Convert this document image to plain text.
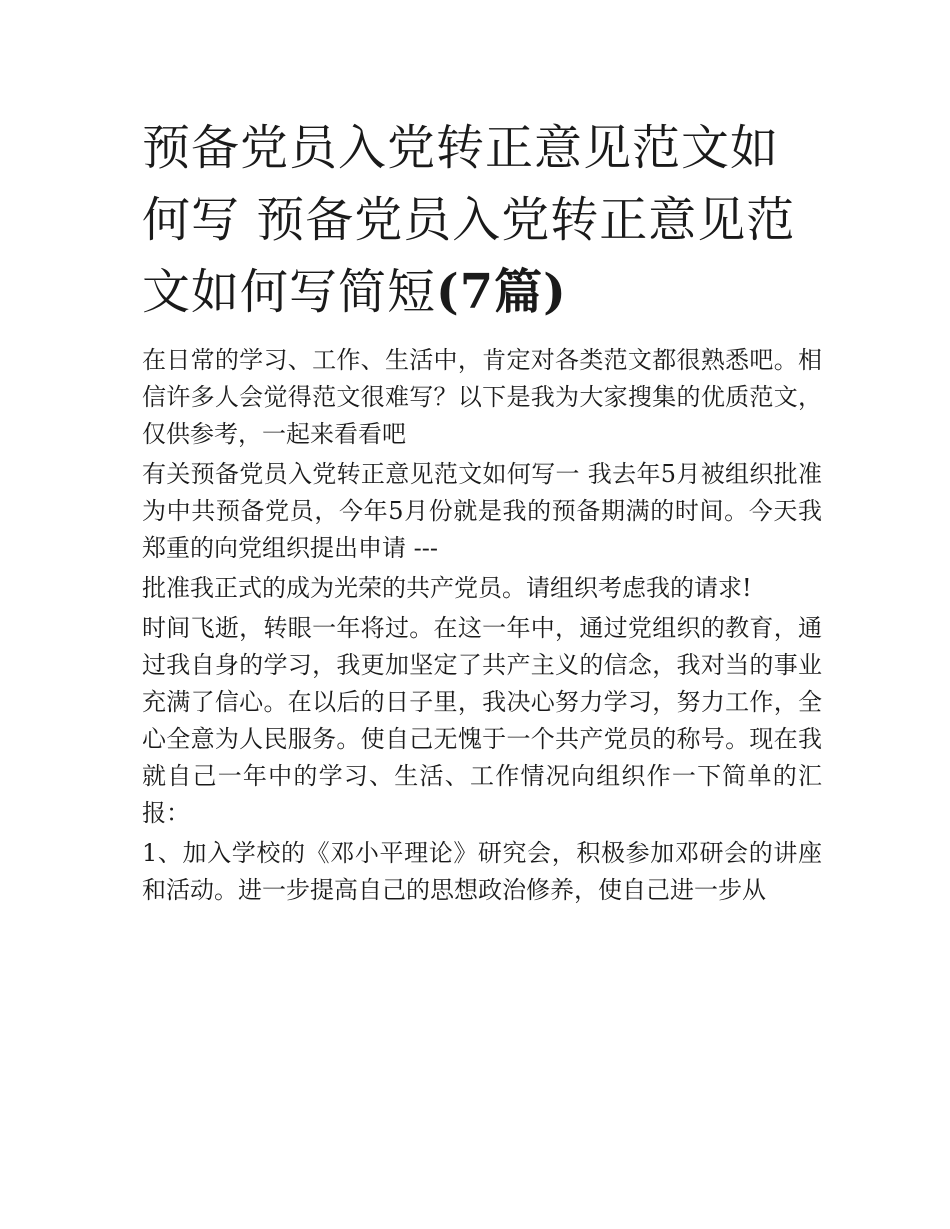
预备党员入党转正意见范文如何写 预备党员入党转正意见范文如何写简短(7篇)

在日常的学习、工作、生活中，肯定对各类范文都很熟悉吧。相信许多人会觉得范文很难写？以下是我为大家搜集的优质范文，仅供参考，一起来看看吧

有关预备党员入党转正意见范文如何写一 我去年5月被组织批准为中共预备党员，今年5月份就是我的预备期满的时间。今天我郑重的向党组织提出申请 ---

批准我正式的成为光荣的共产党员。请组织考虑我的请求!

时间飞逝，转眼一年将过。在这一年中，通过党组织的教育，通过我自身的学习，我更加坚定了共产主义的信念，我对当的事业充满了信心。在以后的日子里，我决心努力学习，努力工作，全心全意为人民服务。使自己无愧于一个共产党员的称号。现在我就自己一年中的学习、生活、工作情况向组织作一下简单的汇报：

1、加入学校的《邓小平理论》研究会，积极参加邓研会的讲座和活动。进一步提高自己的思想政治修养，使自己进一步从
